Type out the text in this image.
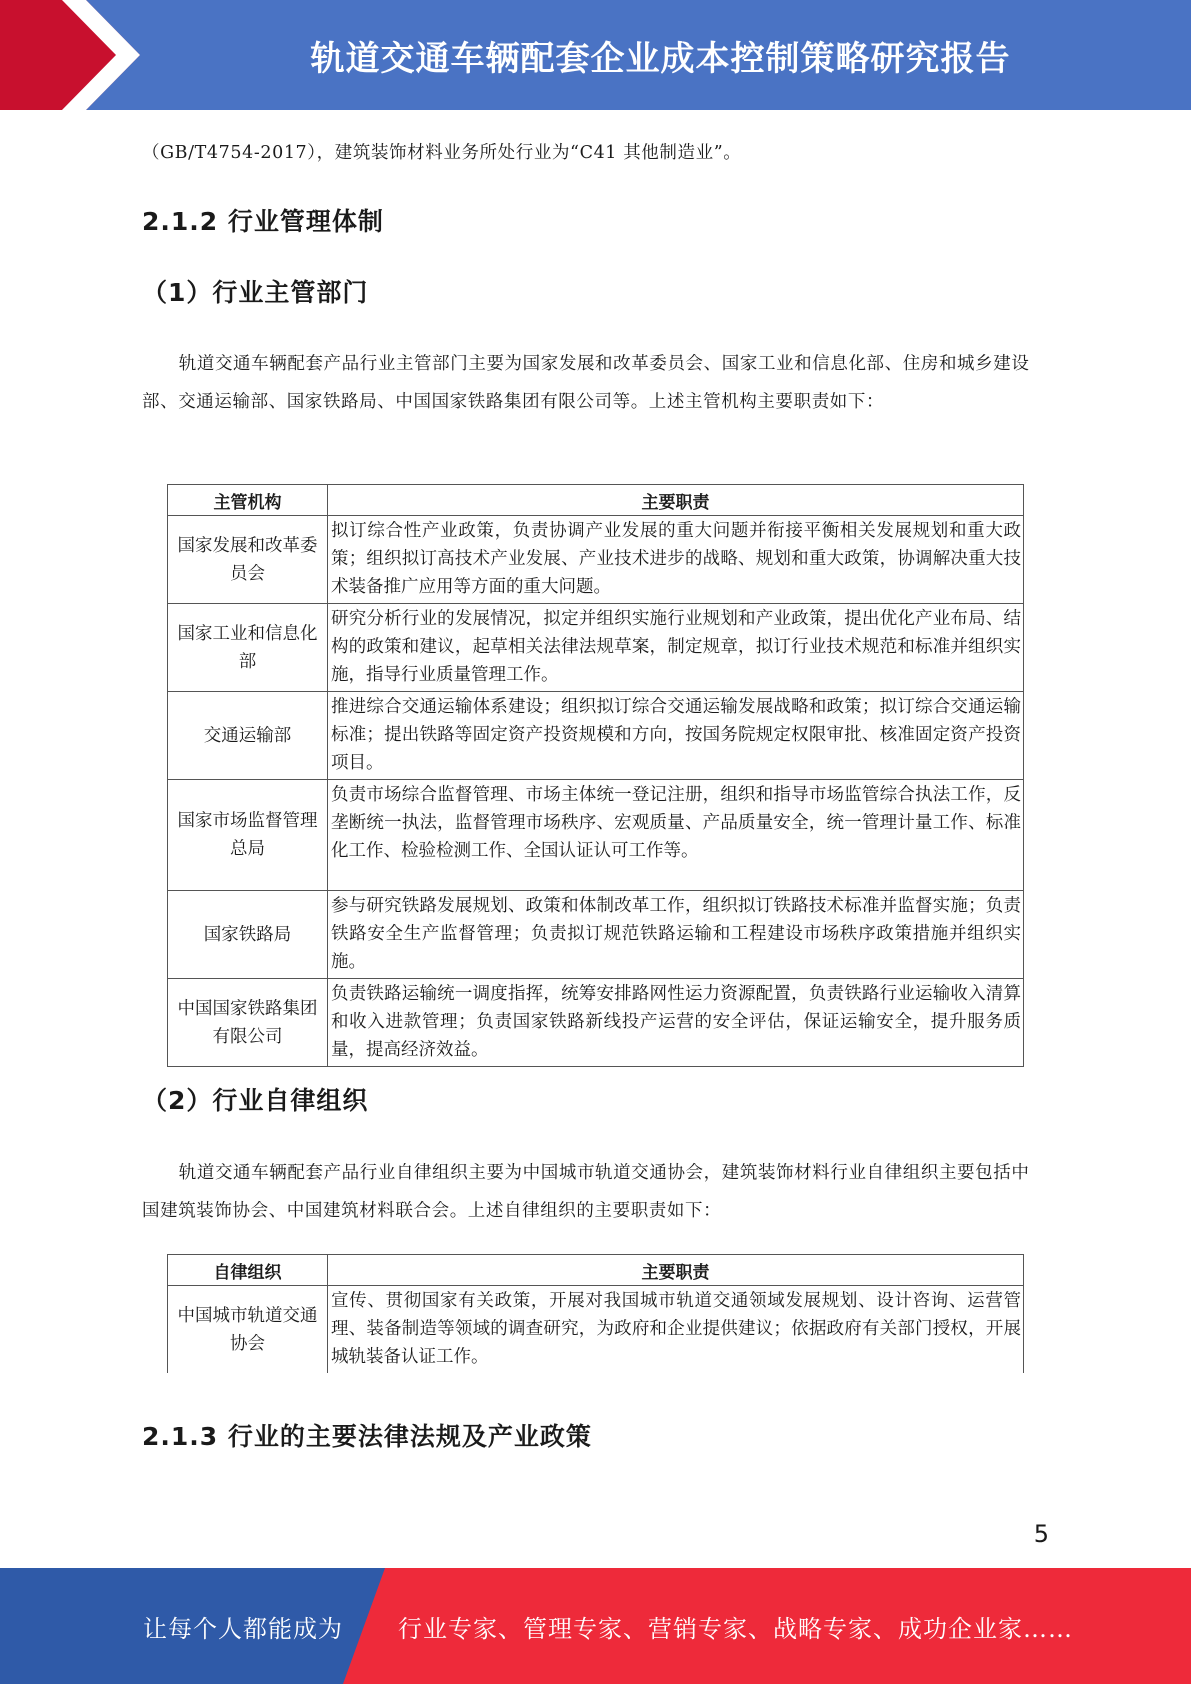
轨道交通车辆配套企业成本控制策略研究报告
（GB/T4754-2017），建筑装饰材料业务所处行业为“C41 其他制造业”。
2.1.2 行业管理体制
（1）行业主管部门
轨道交通车辆配套产品行业主管部门主要为国家发展和改革委员会、国家工业和信息化部、住房和城乡建设部、交通运输部、国家铁路局、中国国家铁路集团有限公司等。上述主管机构主要职责如下：
主管机构	主要职责
国家发展和改革委员会	拟订综合性产业政策，负责协调产业发展的重大问题并衔接平衡相关发展规划和重大政策；组织拟订高技术产业发展、产业技术进步的战略、规划和重大政策，协调解决重大技术装备推广应用等方面的重大问题。
国家工业和信息化部	研究分析行业的发展情况，拟定并组织实施行业规划和产业政策，提出优化产业布局、结构的政策和建议，起草相关法律法规草案，制定规章，拟订行业技术规范和标准并组织实施，指导行业质量管理工作。
交通运输部	推进综合交通运输体系建设；组织拟订综合交通运输发展战略和政策；拟订综合交通运输标准；提出铁路等固定资产投资规模和方向，按国务院规定权限审批、核准固定资产投资项目。
国家市场监督管理总局	负责市场综合监督管理、市场主体统一登记注册，组织和指导市场监管综合执法工作，反垄断统一执法，监督管理市场秩序、宏观质量、产品质量安全，统一管理计量工作、标准化工作、检验检测工作、全国认证认可工作等。
国家铁路局	参与研究铁路发展规划、政策和体制改革工作，组织拟订铁路技术标准并监督实施；负责铁路安全生产监督管理；负责拟订规范铁路运输和工程建设市场秩序政策措施并组织实施。
中国国家铁路集团有限公司	负责铁路运输统一调度指挥，统筹安排路网性运力资源配置，负责铁路行业运输收入清算和收入进款管理；负责国家铁路新线投产运营的安全评估，保证运输安全，提升服务质量，提高经济效益。
（2）行业自律组织
轨道交通车辆配套产品行业自律组织主要为中国城市轨道交通协会，建筑装饰材料行业自律组织主要包括中国建筑装饰协会、中国建筑材料联合会。上述自律组织的主要职责如下：
自律组织	主要职责
中国城市轨道交通协会	宣传、贯彻国家有关政策，开展对我国城市轨道交通领域发展规划、设计咨询、运营管理、装备制造等领域的调查研究，为政府和企业提供建议；依据政府有关部门授权，开展城轨装备认证工作。
2.1.3 行业的主要法律法规及产业政策
5
让每个人都能成为 行业专家、管理专家、营销专家、战略专家、成功企业家……
